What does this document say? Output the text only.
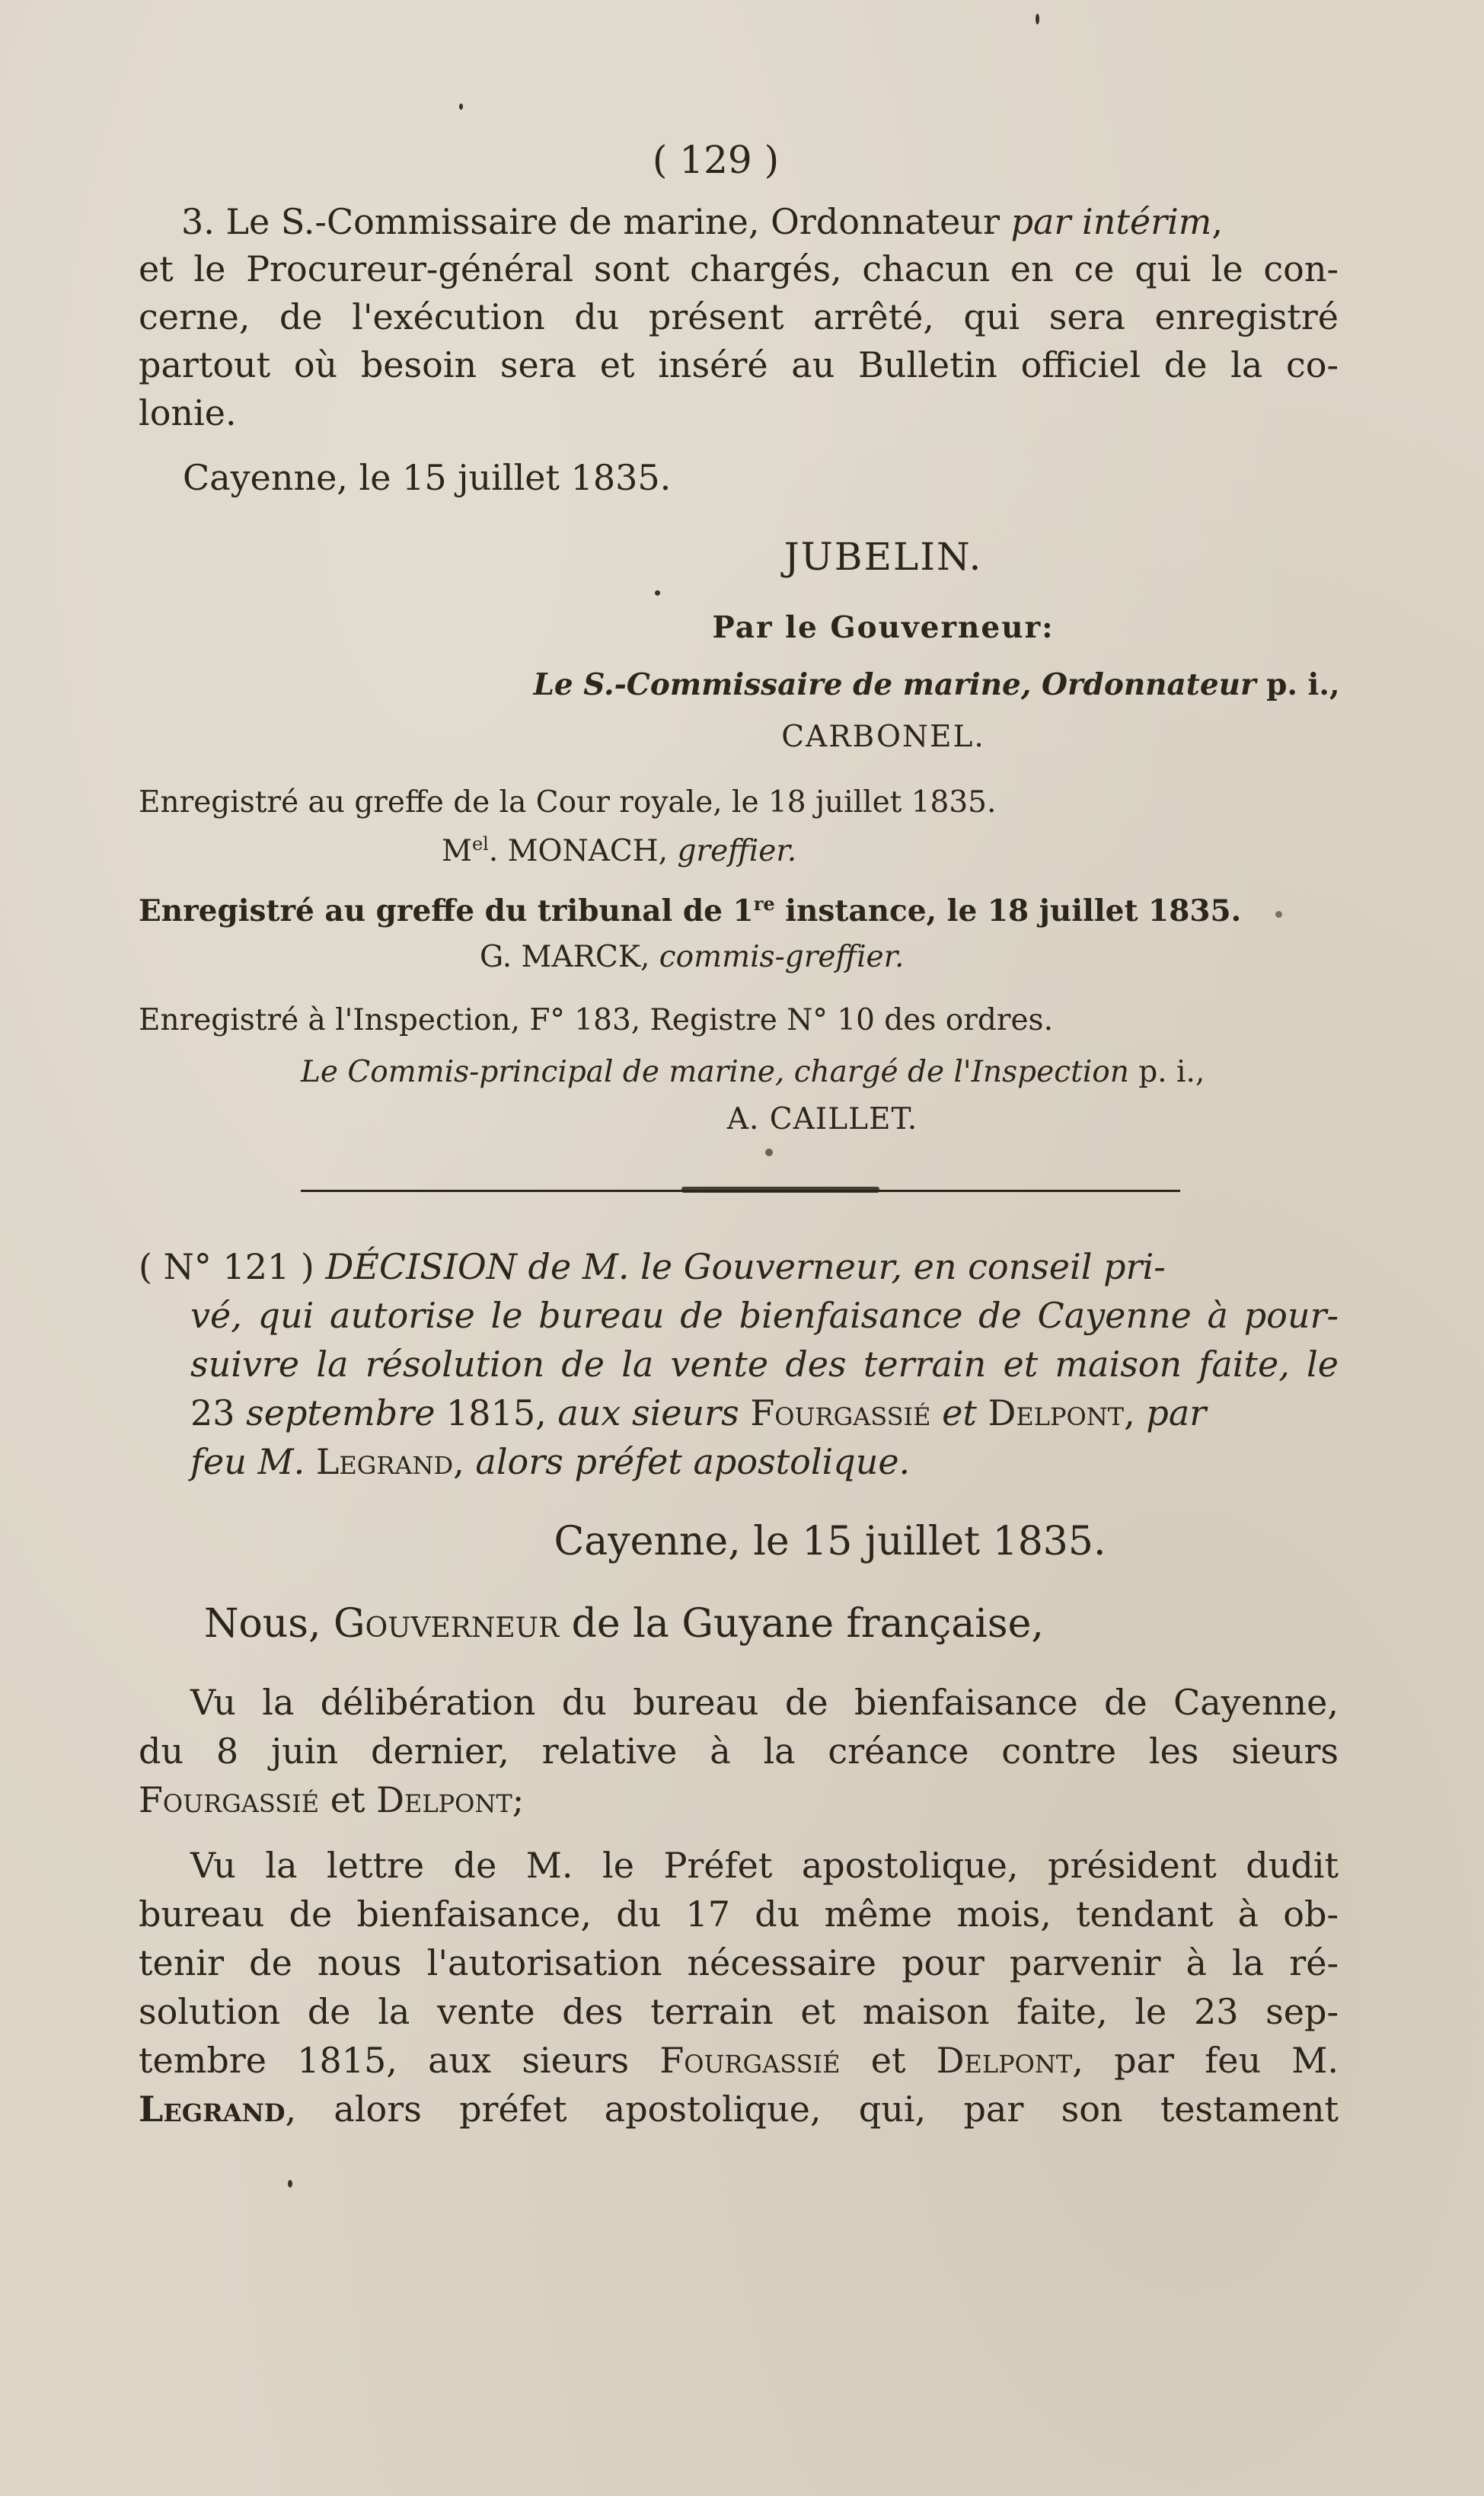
( 129 )

3. Le S.-Commissaire de marine, Ordonnateur par intérim,

et le Procureur-général sont chargés, chacun en ce qui le con-

cerne, de l'exécution du présent arrêté, qui sera enregistré

partout où besoin sera et inséré au Bulletin officiel de la co-

lonie.

Cayenne, le 15 juillet 1835.

JUBELIN.

Par le Gouverneur:

Le S.-Commissaire de marine, Ordonnateur p. i.,

CARBONEL.

Enregistré au greffe de la Cour royale, le 18 juillet 1835.

$M^{el}$. MONACH, greffier.

Enregistré au greffe du tribunal de 1re instance, le 18 juillet 1835.

G. MARCK, commis-greffier.

Enregistré à l'Inspection, F° 183, Registre N° 10 des ordres.

Le Commis-principal de marine, chargé de l'Inspection p. i.,

A. CAILLET.

( N° 121 ) DÉCISION de M. le Gouverneur, en conseil pri-

vé, qui autorise le bureau de bienfaisance de Cayenne à pour-

suivre la résolution de la vente des terrain et maison faite, le

23 septembre 1815, aux sieurs Fourgassié et Delpont, par

feu M. Legrand, alors préfet apostolique.

Cayenne, le 15 juillet 1835.

Nous, Gouverneur de la Guyane française,

Vu la délibération du bureau de bienfaisance de Cayenne,

du 8 juin dernier, relative à la créance contre les sieurs

Fourgassié et Delpont;

Vu la lettre de M. le Préfet apostolique, président dudit

bureau de bienfaisance, du 17 du même mois, tendant à ob-

tenir de nous l'autorisation nécessaire pour parvenir à la ré-

solution de la vente des terrain et maison faite, le 23 sep-

tembre 1815, aux sieurs Fourgassié et Delpont, par feu M.

Legrand, alors préfet apostolique, qui, par son testament
